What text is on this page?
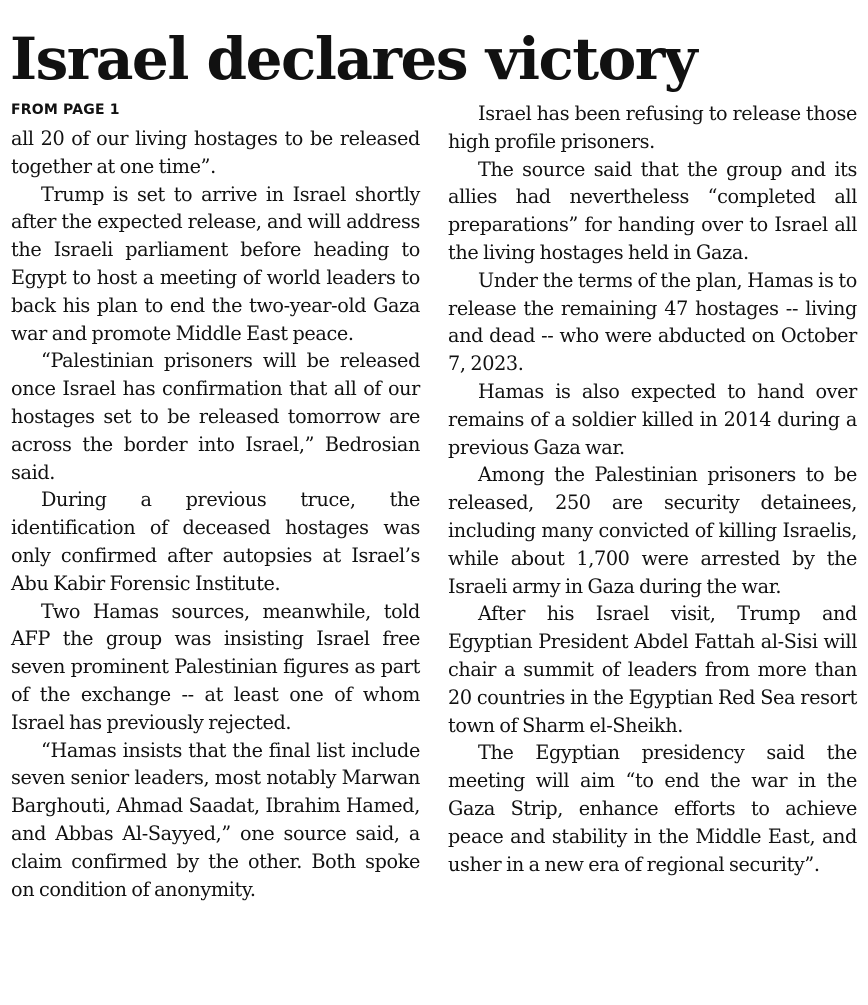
Israel declares victory
FROM PAGE 1

all 20 of our living hostages to be released together at one time”.

Trump is set to arrive in Israel shortly after the expected release, and will address the Israeli parliament before heading to Egypt to host a meeting of world leaders to back his plan to end the two-year-old Gaza war and promote Middle East peace.

“Palestinian prisoners will be released once Israel has confirmation that all of our hostages set to be released tomorrow are across the border into Israel,” Bedrosian said.

During a previous truce, the identification of deceased hostages was only confirmed after autopsies at Israel’s Abu Kabir Forensic Institute.

Two Hamas sources, meanwhile, told AFP the group was insisting Israel free seven prominent Palestinian figures as part of the exchange -- at least one of whom Israel has previously rejected.

“Hamas insists that the final list include seven senior leaders, most notably Marwan Barghouti, Ahmad Saadat, Ibrahim Hamed, and Abbas Al-Sayyed,” one source said, a claim confirmed by the other. Both spoke on condition of anonymity.

Israel has been refusing to release those high profile prisoners.

The source said that the group and its allies had nevertheless “completed all preparations” for handing over to Israel all the living hostages held in Gaza.

Under the terms of the plan, Hamas is to release the remaining 47 hostages -- living and dead -- who were abducted on October 7, 2023.

Hamas is also expected to hand over remains of a soldier killed in 2014 during a previous Gaza war.

Among the Palestinian prisoners to be released, 250 are security detainees, including many convicted of killing Israelis, while about 1,700 were arrested by the Israeli army in Gaza during the war.

After his Israel visit, Trump and Egyptian President Abdel Fattah al-Sisi will chair a summit of leaders from more than 20 countries in the Egyptian Red Sea resort town of Sharm el-Sheikh.

The Egyptian presidency said the meeting will aim “to end the war in the Gaza Strip, enhance efforts to achieve peace and stability in the Middle East, and usher in a new era of regional security”.
